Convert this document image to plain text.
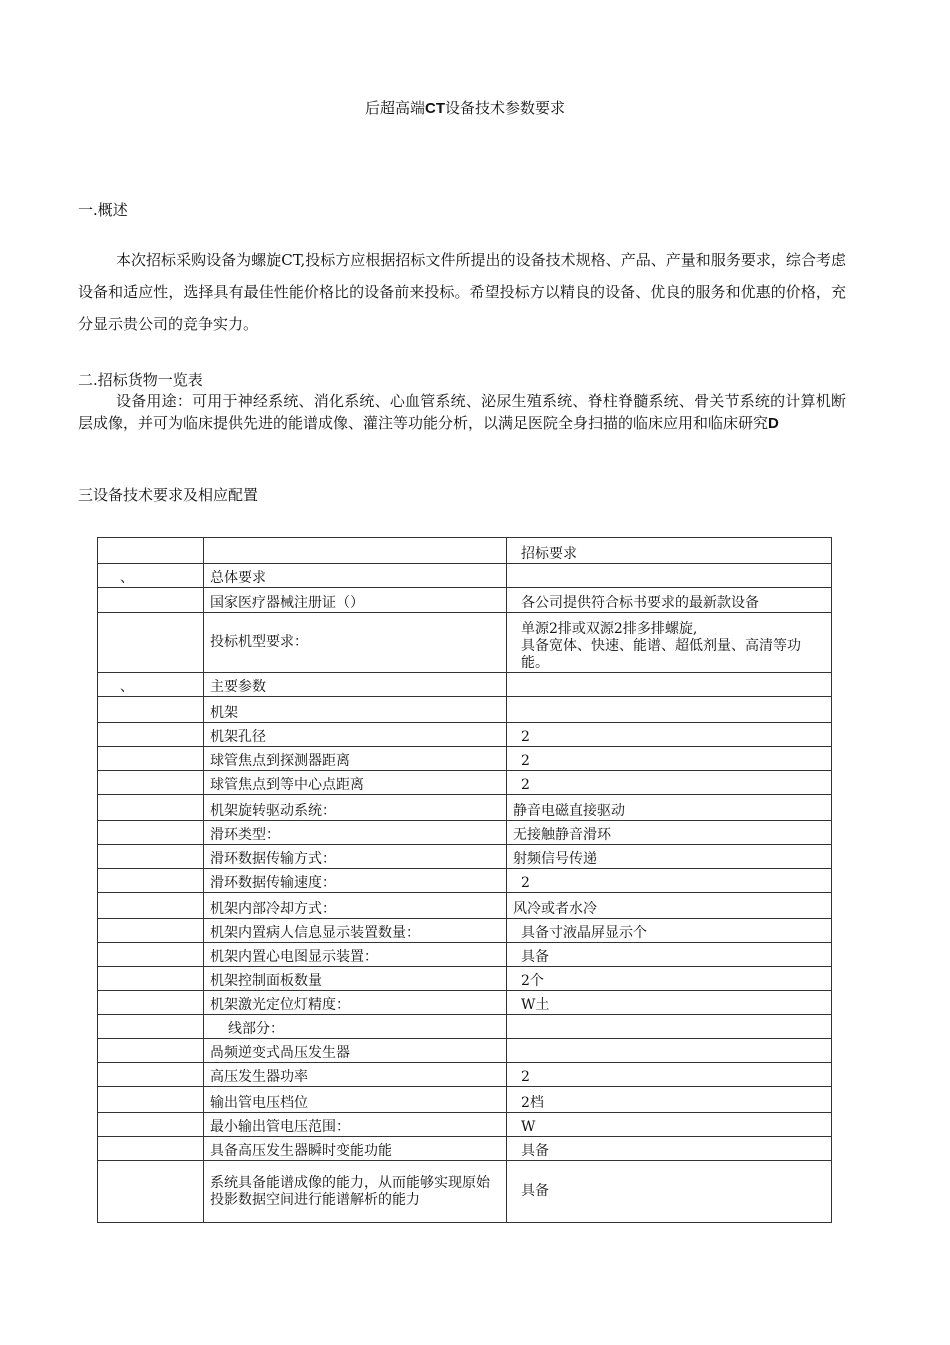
后超高端CT设备技术参数要求
一.概述
本次招标采购设备为螺旋CT,投标方应根据招标文件所提出的设备技术规格、产品、产量和服务要求，综合考虑设备和适应性，选择具有最佳性能价格比的设备前来投标。希望投标方以精良的设备、优良的服务和优惠的价格，充分显示贵公司的竞争实力。
二.招标货物一览表
设备用途：可用于神经系统、消化系统、心血管系统、泌尿生殖系统、脊柱脊髓系统、骨关节系统的计算机断层成像，并可为临床提供先进的能谱成像、灌注等功能分析，以满足医院全身扫描的临床应用和临床研究D
三设备技术要求及相应配置
		招标要求
、	总体要求	
	国家医疗器械注册证（）	各公司提供符合标书要求的最新款设备
	投标机型要求：	单源2排或双源2排多排螺旋,
具备宽体、快速、能谱、超低剂量、高清等功能。
、	主要参数	
	机架	
	机架孔径	2
	球管焦点到探测器距离	2
	球管焦点到等中心点距离	2
	机架旋转驱动系统：	静音电磁直接驱动
	滑环类型：	无接触静音滑环
	滑环数据传输方式：	射频信号传递
	滑环数据传输速度：	2
	机架内部冷却方式：	风冷或者水冷
	机架内置病人信息显示装置数量：	具备寸液晶屏显示个
	机架内置心电图显示装置：	具备
	机架控制面板数量	2个
	机架激光定位灯精度：	W土
	线部分：	
	咼频逆变式咼压发生器	
	高压发生器功率	2
	输出管电压档位	2档
	最小输出管电压范围：	W
	具备高压发生器瞬时变能功能	具备
	系统具备能谱成像的能力，从而能够实现原始投影数据空间进行能谱解析的能力	具备
